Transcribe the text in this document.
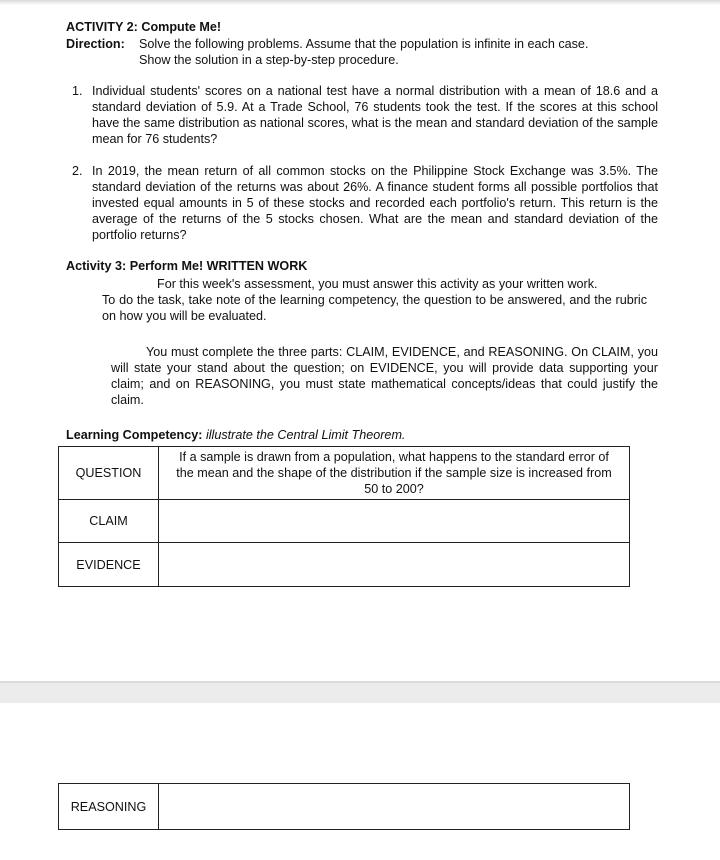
ACTIVITY 2: Compute Me!
Direction: Solve the following problems. Assume that the population is infinite in each case.
Show the solution in a step-by-step procedure.
1. Individual students' scores on a national test have a normal distribution with a mean of 18.6 and a standard deviation of 5.9. At a Trade School, 76 students took the test. If the scores at this school have the same distribution as national scores, what is the mean and standard deviation of the sample mean for 76 students?
2. In 2019, the mean return of all common stocks on the Philippine Stock Exchange was 3.5%. The standard deviation of the returns was about 26%. A finance student forms all possible portfolios that invested equal amounts in 5 of these stocks and recorded each portfolio's return. This return is the average of the returns of the 5 stocks chosen. What are the mean and standard deviation of the portfolio returns?
Activity 3: Perform Me! WRITTEN WORK
For this week's assessment, you must answer this activity as your written work.
To do the task, take note of the learning competency, the question to be answered, and the rubric on how you will be evaluated.
You must complete the three parts: CLAIM, EVIDENCE, and REASONING. On CLAIM, you will state your stand about the question; on EVIDENCE, you will provide data supporting your claim; and on REASONING, you must state mathematical concepts/ideas that could justify the claim.
Learning Competency: illustrate the Central Limit Theorem.
QUESTION	If a sample is drawn from a population, what happens to the standard error of the mean and the shape of the distribution if the sample size is increased from 50 to 200?
CLAIM	
EVIDENCE	
REASONING	
